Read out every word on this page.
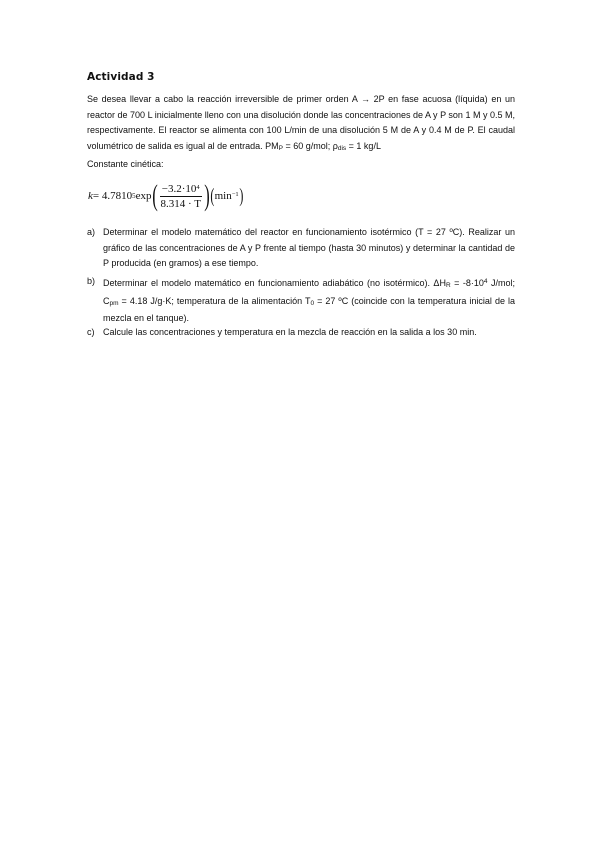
Actividad 3
Se desea llevar a cabo la reacción irreversible de primer orden A → 2P en fase acuosa (líquida) en un reactor de 700 L inicialmente lleno con una disolución donde las concentraciones de A y P son 1 M y 0.5 M, respectivamente. El reactor se alimenta con 100 L/min de una disolución 5 M de A y 0.4 M de P. El caudal volumétrico de salida es igual al de entrada. $PM_P = 60$ g/mol; $\rho_{dis} = 1$ kg/L
Constante cinética:
k = 4.7810 5 exp ( $\frac{-3.2\cdot 10^4}{8.314 \cdot T}$ ) ( $\min^{-1}$ )
a) Determinar el modelo matemático del reactor en funcionamiento isotérmico (T = 27 ºC). Realizar un gráfico de las concentraciones de A y P frente al tiempo (hasta 30 minutos) y determinar la cantidad de P producida (en gramos) a ese tiempo.
b) Determinar el modelo matemático en funcionamiento adiabático (no isotérmico). $\Delta H_R = -8\cdot 10^4$ J/mol; $C_{pm} = 4.18$ J/g·K; temperatura de la alimentación $T_0 = 27$ ºC (coincide con la temperatura inicial de la mezcla en el tanque).
c) Calcule las concentraciones y temperatura en la mezcla de reacción en la salida a los 30 min.
